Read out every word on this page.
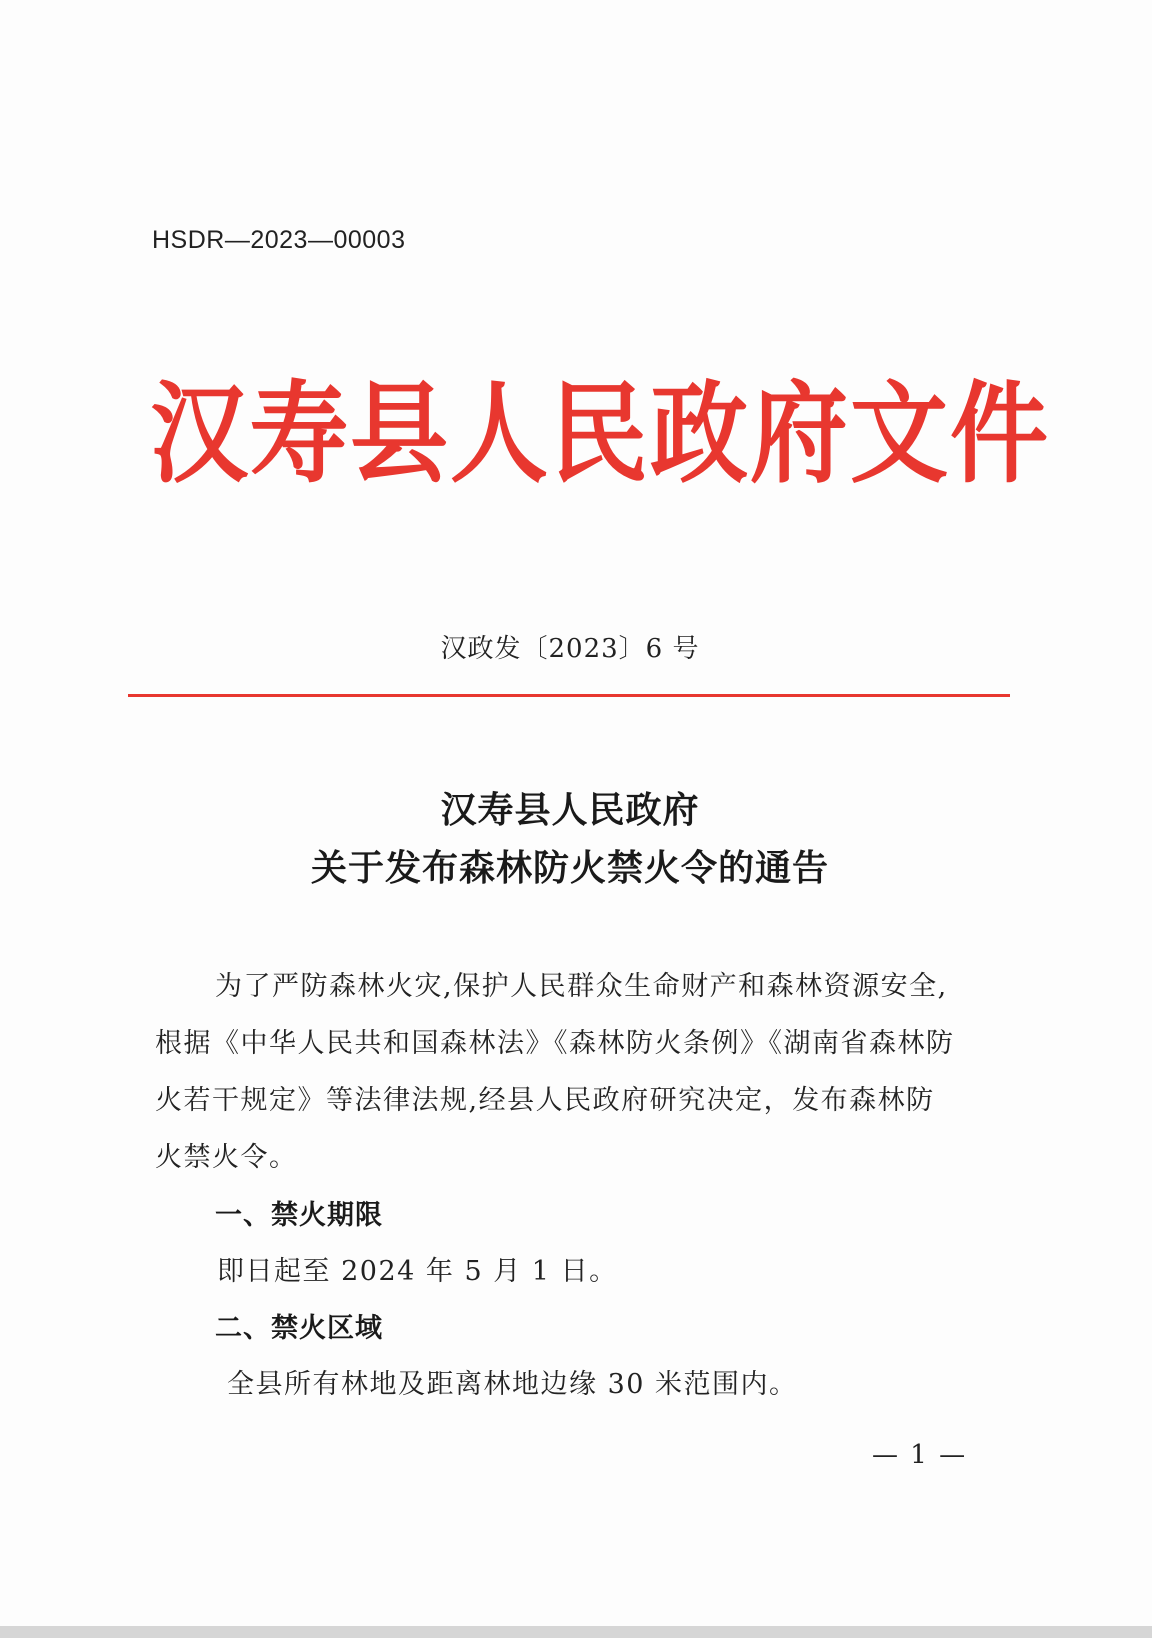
HSDR—2023—00003
汉寿县人民政府文件
汉政发〔2023〕6 号
汉寿县人民政府
关于发布森林防火禁火令的通告
为了严防森林火灾,保护人民群众生命财产和森林资源安全,
根据《中华人民共和国森林法》《森林防火条例》《湖南省森林防
火若干规定》等法律法规,经县人民政府研究决定，发布森林防
火禁火令。
一、禁火期限
即日起至 2024 年 5 月 1 日。
二、禁火区域
全县所有林地及距离林地边缘 30 米范围内。
— 1 —
